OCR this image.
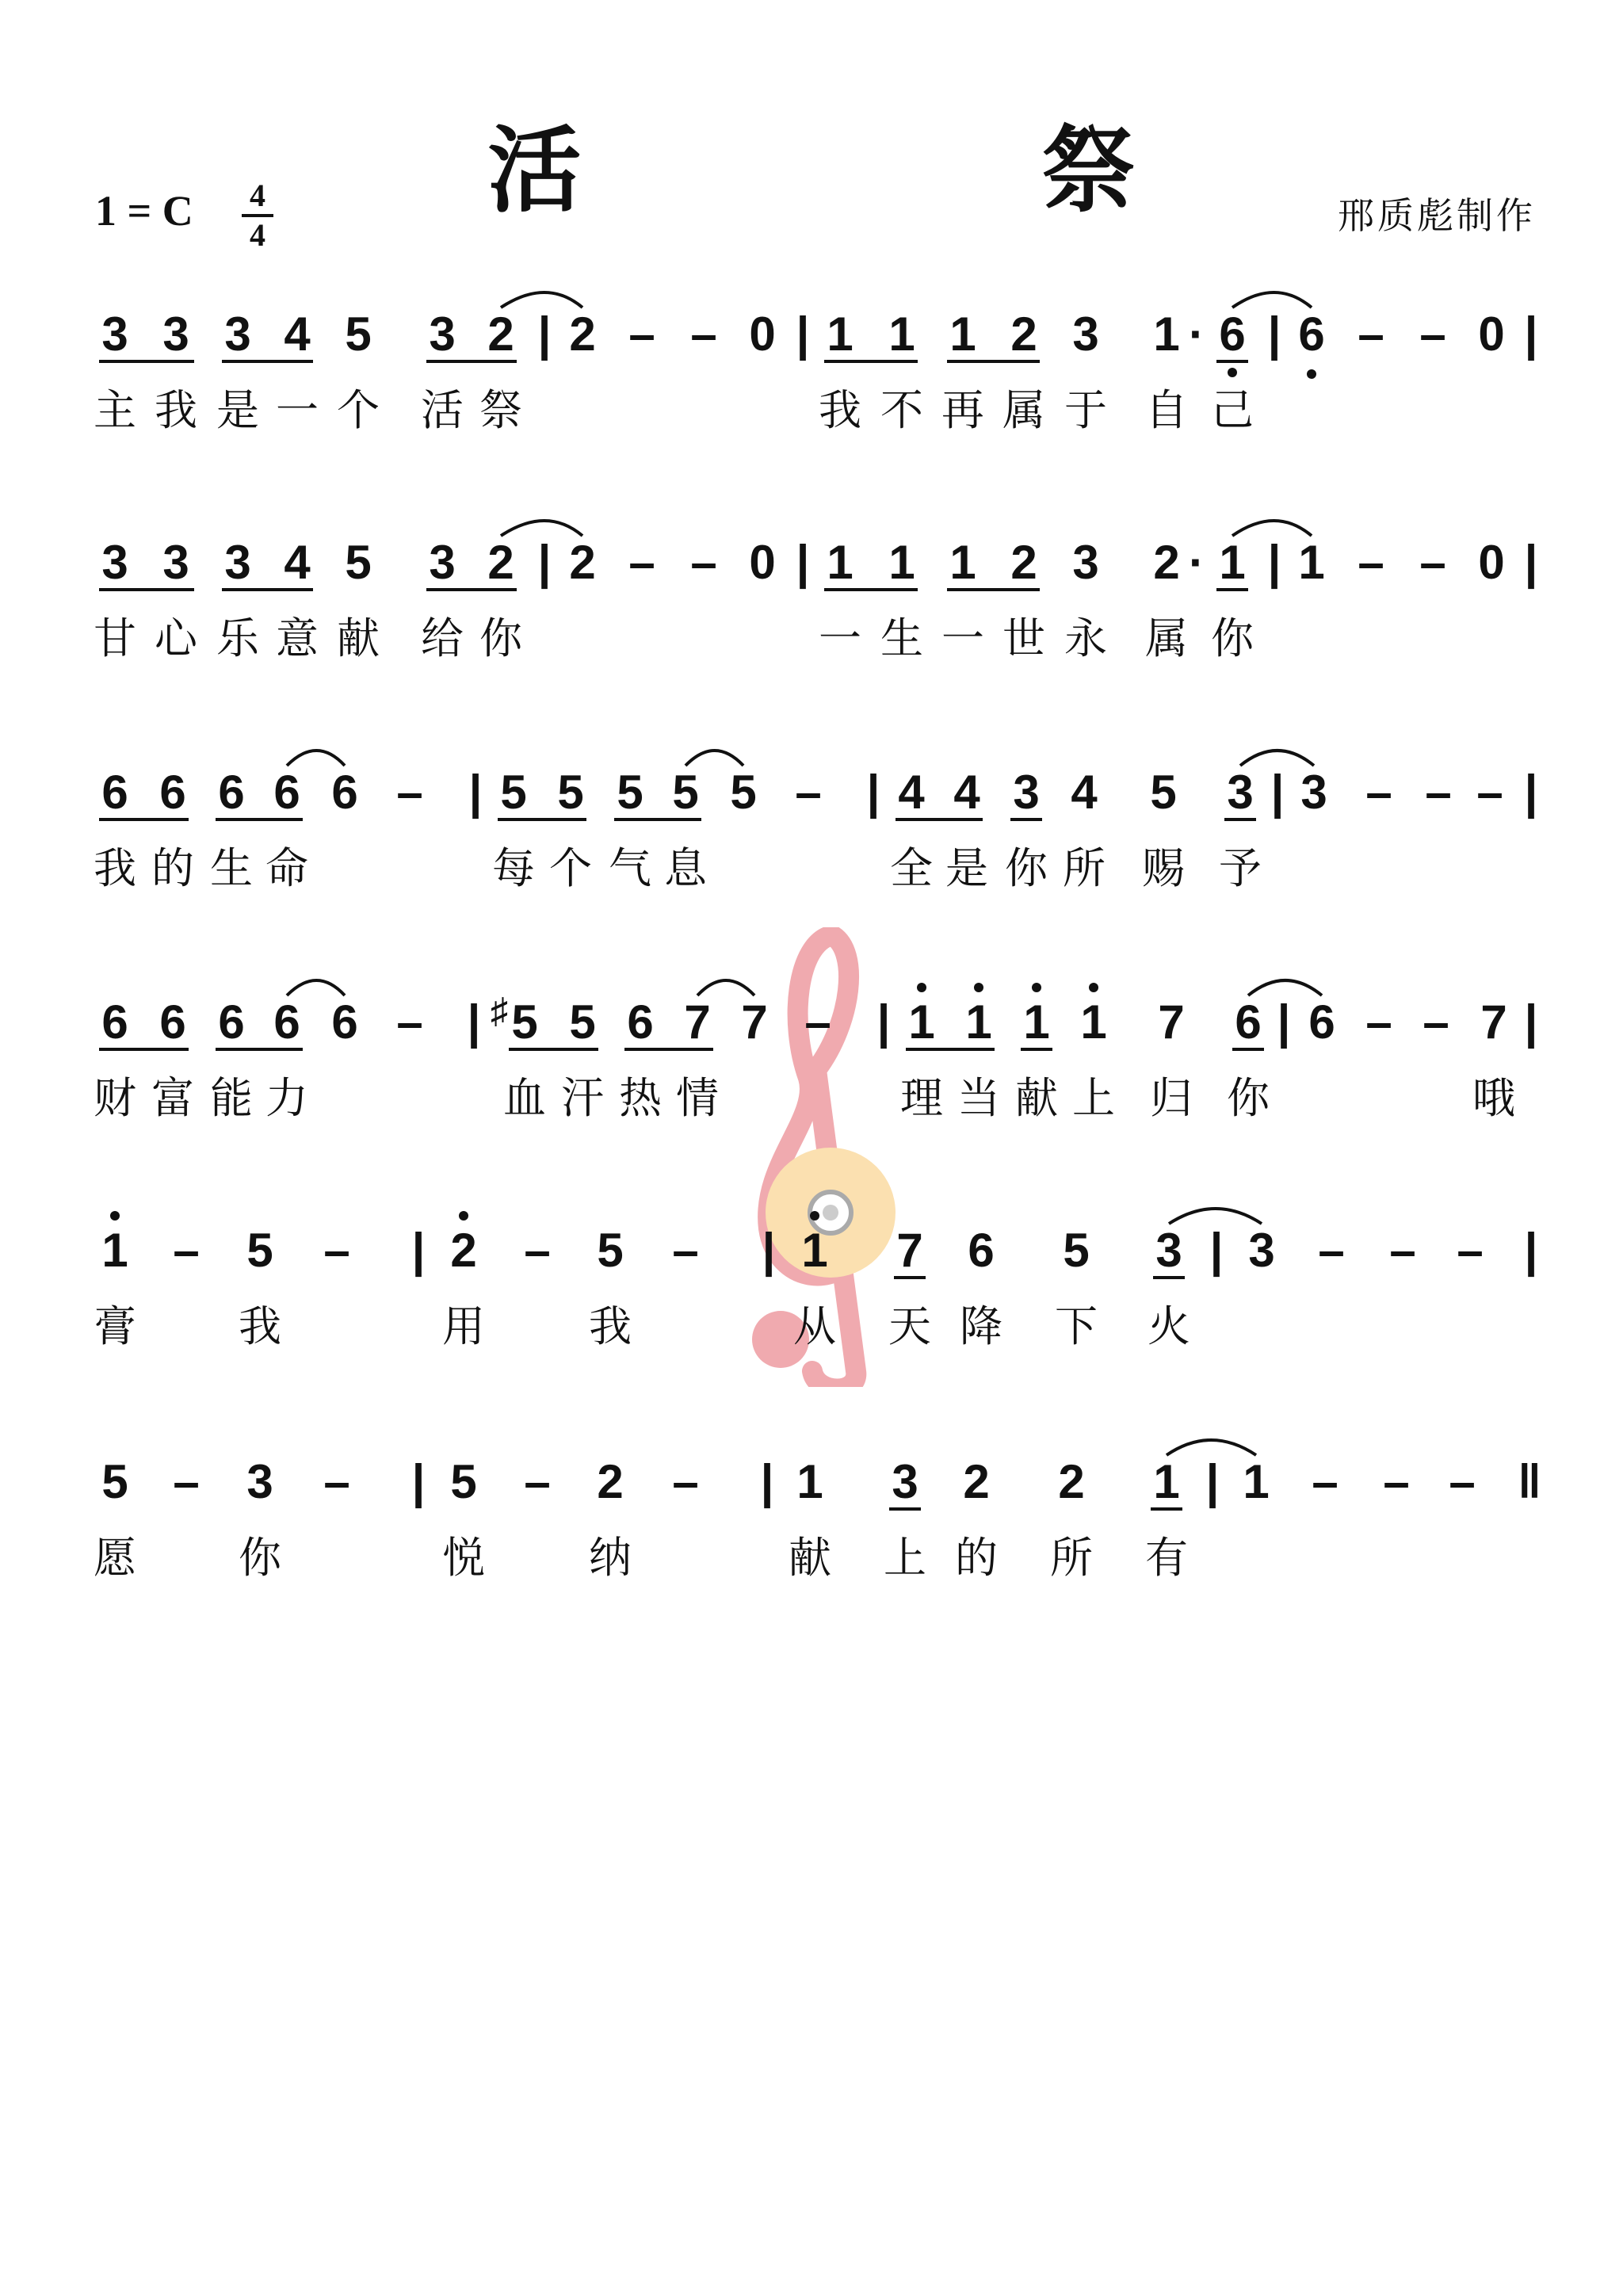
活 祭
1 = C 4
4	邢质彪制作
3 3 3 4 5 3 2 | 2 – – 0 | 1 1 1 2 3 1 · 6 | 6 – – 0 |
主 我 是 一 个 活 祭	我 不 再 属 于 自 己
3 3 3 4 5 3 2 | 2 – – 0 | 1 1 1 2 3 2 · 1 | 1 – – 0 |
甘 心 乐 意 献 给 你	一 生 一 世 永 属 你
6 6 6 6 6 – | 5 5 5 5 5 – | 4 4 3 4 5 3 | 3 – – – |
我 的 生 命	每 个 气 息	全 是 你 所 赐 予
6 6 6 6 6 – | ♯ 5 5 6 7 7 – | 1 1 1 1 7 6 | 6 – – 7 |
财 富 能 力	血 汗 热 情	理 当 献 上 归 你	哦
1 – 5 – | 2 – 5 – | 1 7 6 5 3 | 3 – – – |
膏 我	用 我	从 天 降 下 火
5 – 3 – | 5 – 2 – | 1 3 2 2 1 | 1 – – – ‖
愿 你	悦 纳	献 上 的 所 有
